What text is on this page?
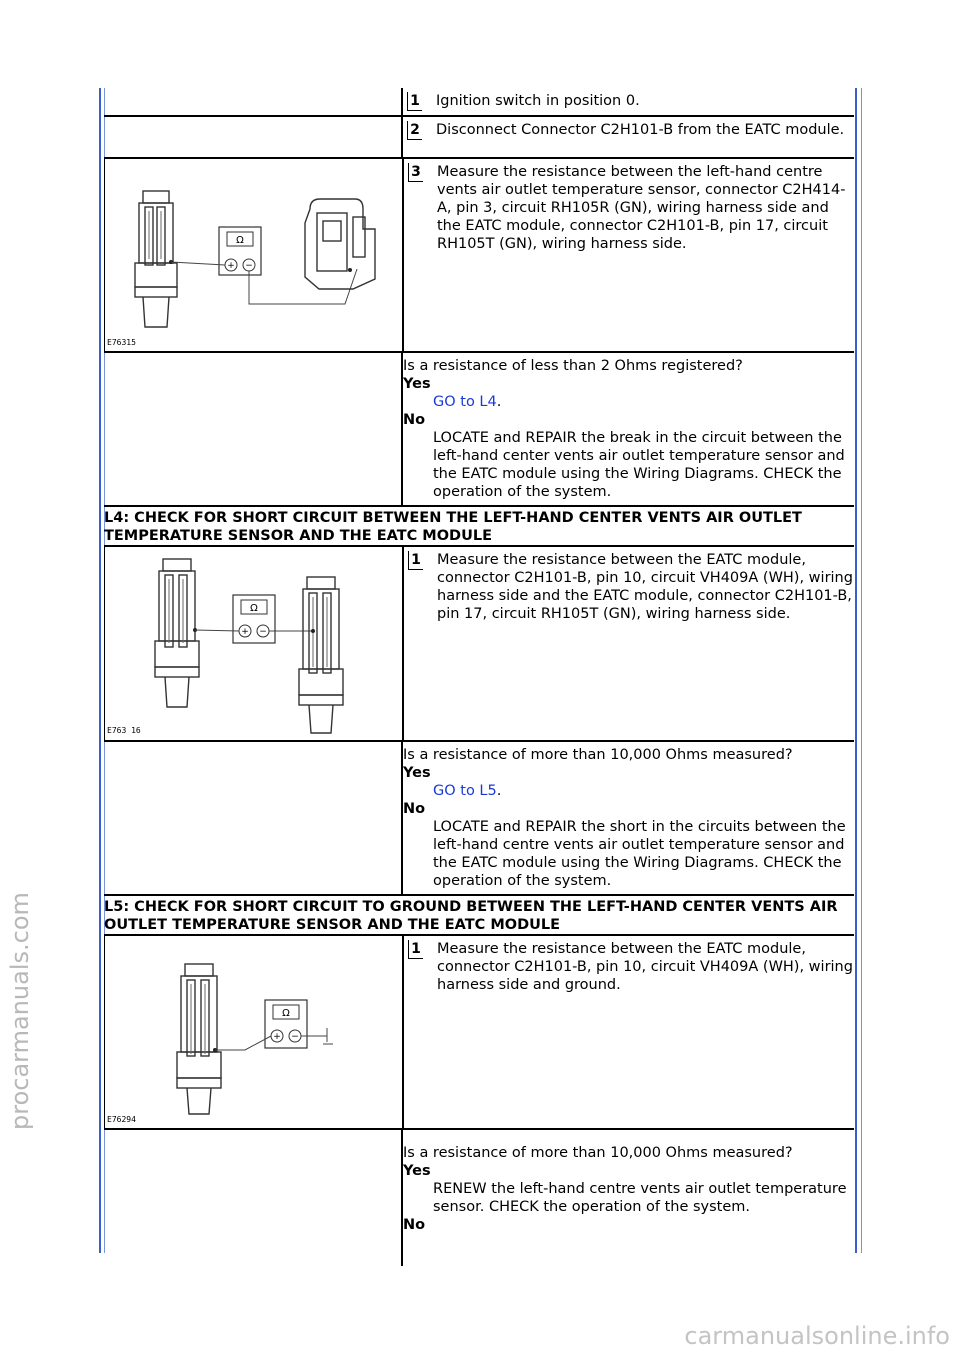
procarmanuals.com
carmanualsonline.info
1 Ignition switch in position 0.
2 Disconnect Connector C2H101-B from the EATC module.
Ω
+ −
E76315
3 Measure the resistance between the left-hand centre vents air outlet temperature sensor, connector C2H414-A, pin 3, circuit RH105R (GN), wiring harness side and the EATC module, connector C2H101-B, pin 17, circuit RH105T (GN), wiring harness side.
Is a resistance of less than 2 Ohms registered?
Yes
GO to L4.
No
LOCATE and REPAIR the break in the circuit between the left-hand center vents air outlet temperature sensor and the EATC module using the Wiring Diagrams. CHECK the operation of the system.
L4: CHECK FOR SHORT CIRCUIT BETWEEN THE LEFT-HAND CENTER VENTS AIR OUTLET TEMPERATURE SENSOR AND THE EATC MODULE
Ω
+ −
E763 16
1 Measure the resistance between the EATC module, connector C2H101-B, pin 10, circuit VH409A (WH), wiring harness side and the EATC module, connector C2H101-B, pin 17, circuit RH105T (GN), wiring harness side.
Is a resistance of more than 10,000 Ohms measured?
Yes
GO to L5.
No
LOCATE and REPAIR the short in the circuits between the left-hand centre vents air outlet temperature sensor and the EATC module using the Wiring Diagrams. CHECK the operation of the system.
L5: CHECK FOR SHORT CIRCUIT TO GROUND BETWEEN THE LEFT-HAND CENTER VENTS AIR OUTLET TEMPERATURE SENSOR AND THE EATC MODULE
Ω
+ −
E76294
1 Measure the resistance between the EATC module, connector C2H101-B, pin 10, circuit VH409A (WH), wiring harness side and ground.
Is a resistance of more than 10,000 Ohms measured?
Yes
RENEW the left-hand centre vents air outlet temperature sensor. CHECK the operation of the system.
No
